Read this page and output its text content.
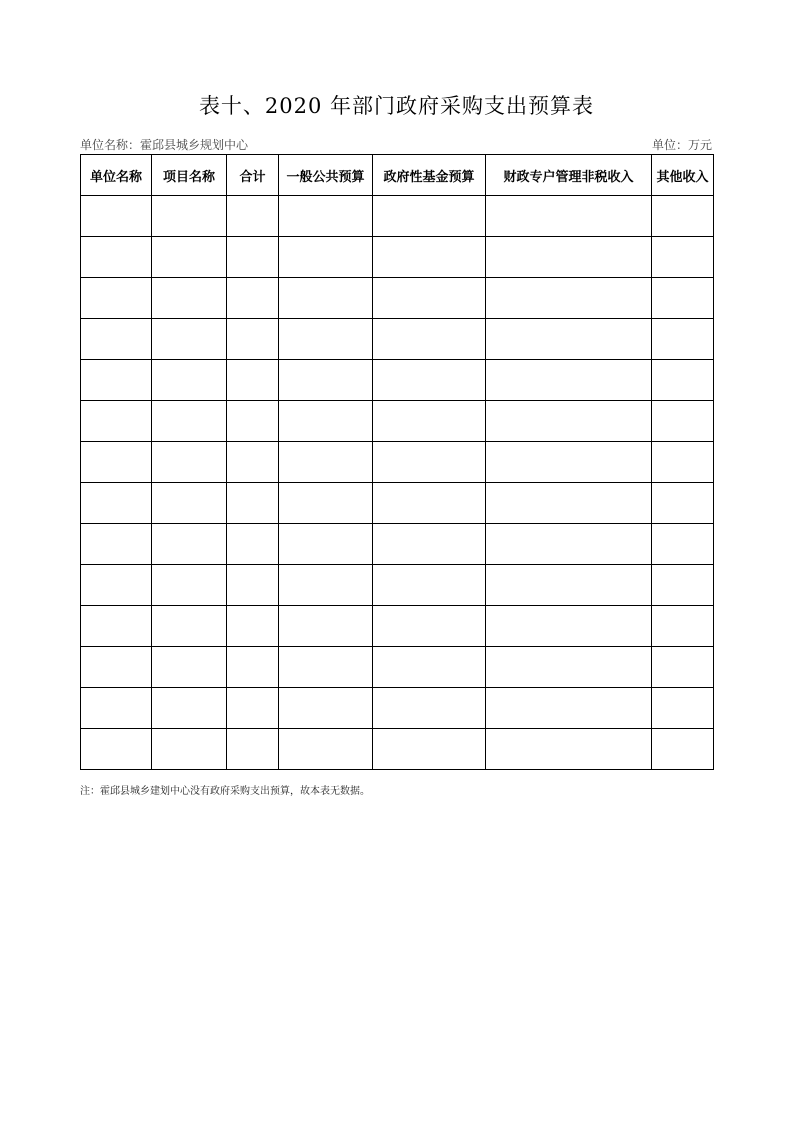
表十、2020 年部门政府采购支出预算表
单位名称：霍邱县城乡规划中心	单位：万元
单位名称	项目名称	合计	一般公共预算	政府性基金预算	财政专户管理非税收入	其他收入

注：霍邱县城乡建划中心没有政府采购支出预算，故本表无数据。
